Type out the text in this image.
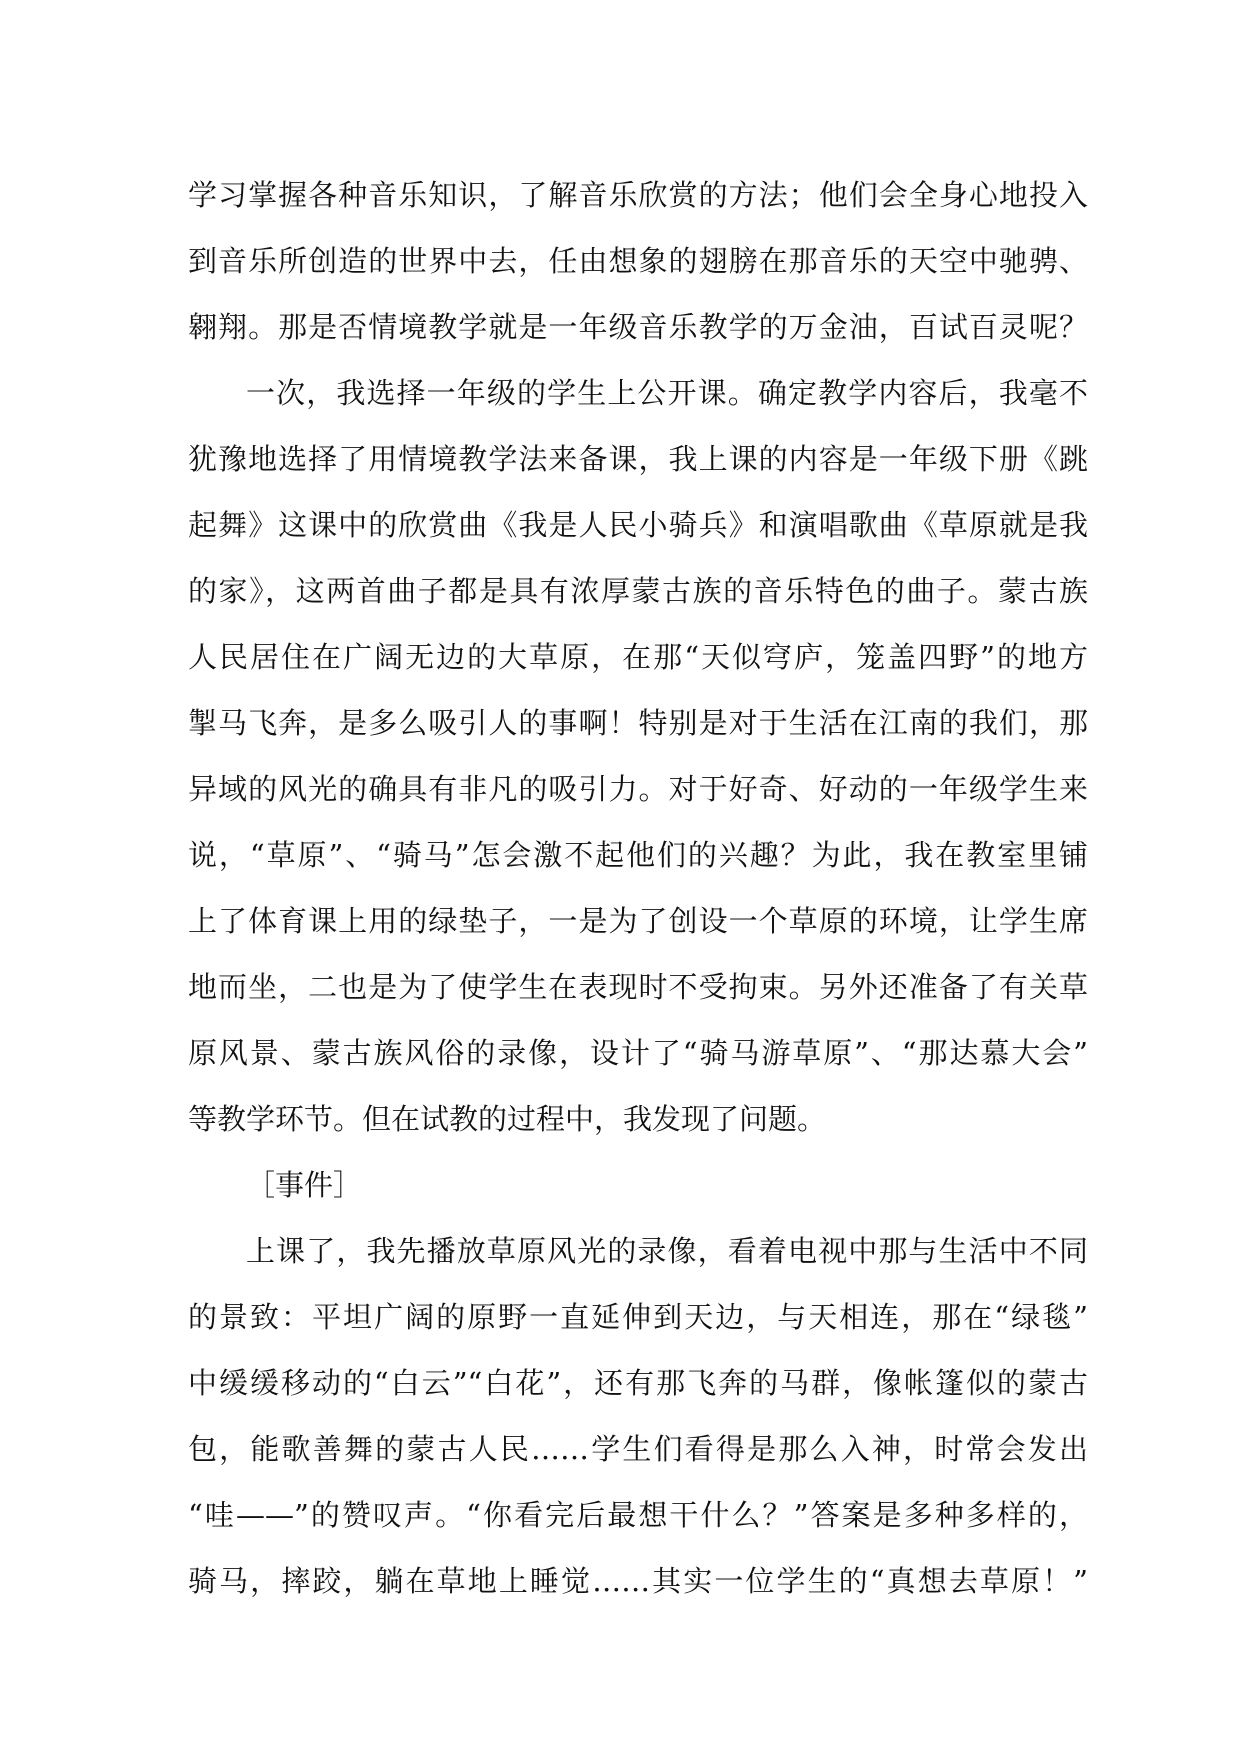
学习掌握各种音乐知识，了解音乐欣赏的方法；他们会全身心地投入
到音乐所创造的世界中去，任由想象的翅膀在那音乐的天空中驰骋、
翱翔。那是否情境教学就是一年级音乐教学的万金油，百试百灵呢？
一次，我选择一年级的学生上公开课。确定教学内容后，我毫不
犹豫地选择了用情境教学法来备课，我上课的内容是一年级下册《跳
起舞》这课中的欣赏曲《我是人民小骑兵》和演唱歌曲《草原就是我
的家》，这两首曲子都是具有浓厚蒙古族的音乐特色的曲子。蒙古族
人民居住在广阔无边的大草原，在那“天似穹庐，笼盖四野”的地方
掣马飞奔，是多么吸引人的事啊！特别是对于生活在江南的我们，那
异域的风光的确具有非凡的吸引力。对于好奇、好动的一年级学生来
说，“草原”、“骑马”怎会激不起他们的兴趣？为此，我在教室里铺
上了体育课上用的绿垫子，一是为了创设一个草原的环境，让学生席
地而坐，二也是为了使学生在表现时不受拘束。另外还准备了有关草
原风景、蒙古族风俗的录像，设计了“骑马游草原”、“那达慕大会”
等教学环节。但在试教的过程中，我发现了问题。
［事件］
上课了，我先播放草原风光的录像，看着电视中那与生活中不同
的景致：平坦广阔的原野一直延伸到天边，与天相连，那在“绿毯”
中缓缓移动的“白云”“白花”，还有那飞奔的马群，像帐篷似的蒙古
包，能歌善舞的蒙古人民……学生们看得是那么入神，时常会发出
“哇——”的赞叹声。“你看完后最想干什么？”答案是多种多样的，
骑马，摔跤，躺在草地上睡觉……其实一位学生的“真想去草原！”
